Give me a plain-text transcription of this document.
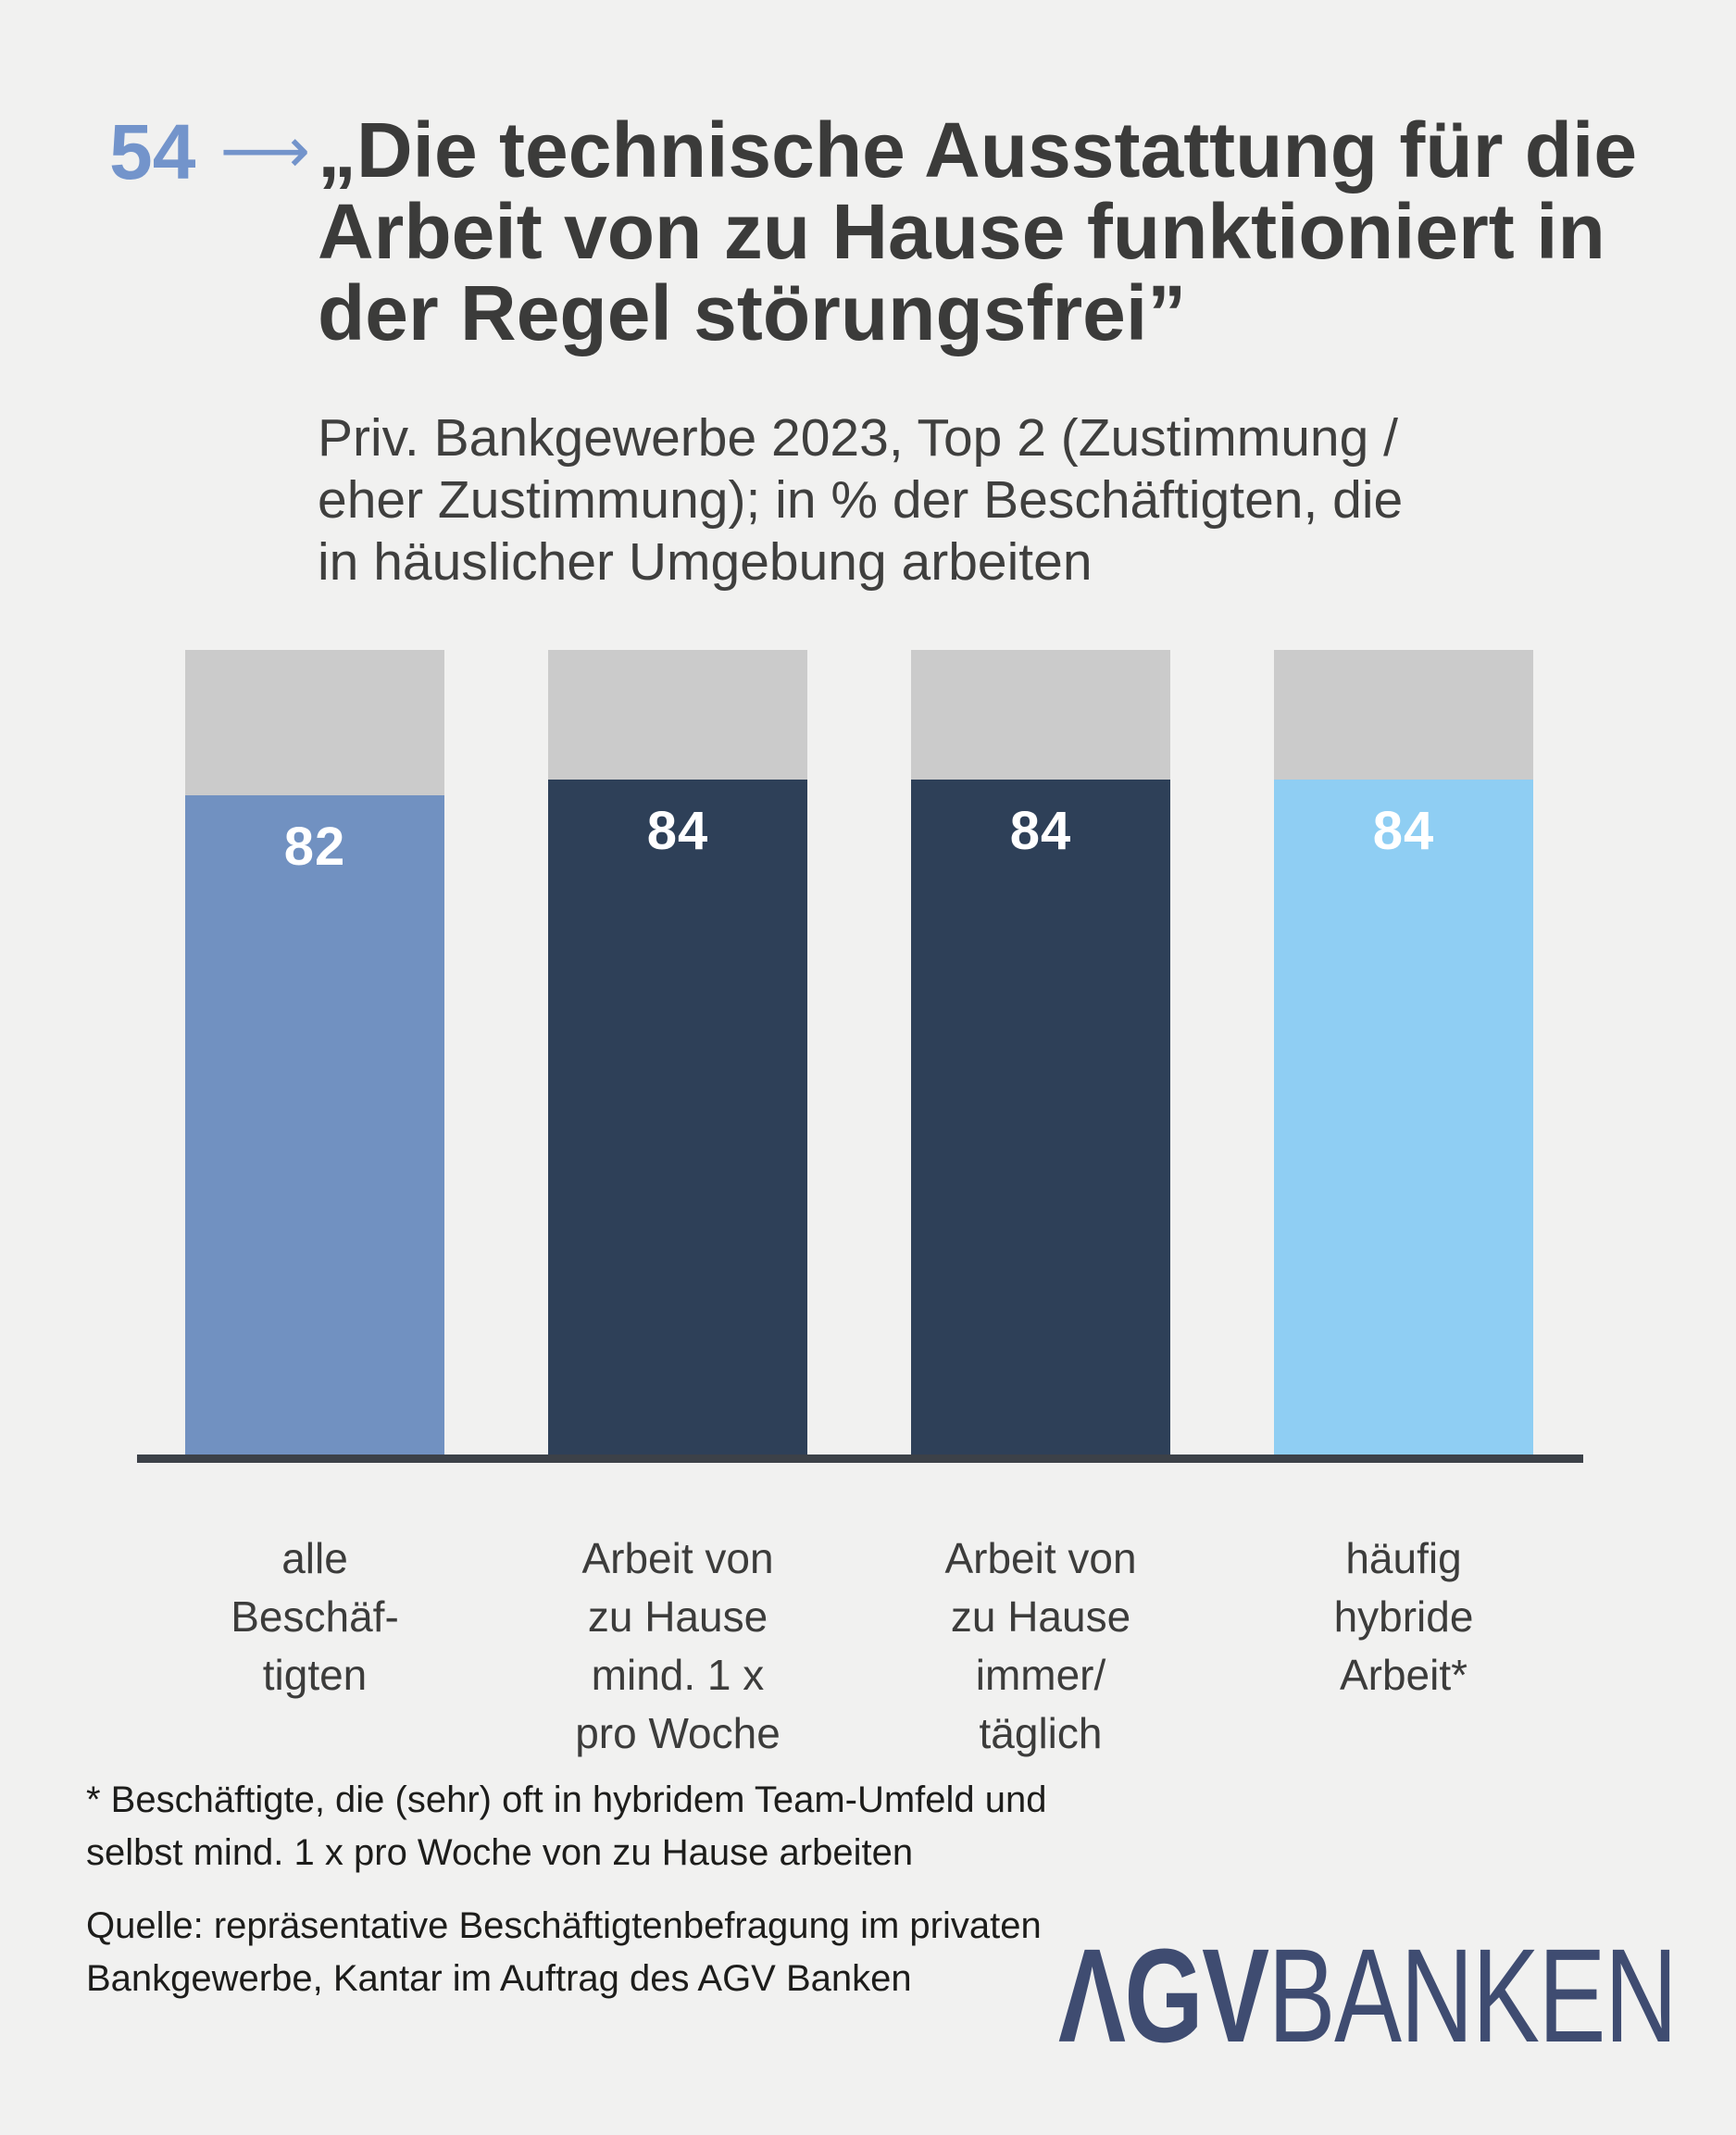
54 ⟶ „Die technische Ausstattung für die
Arbeit von zu Hause funktioniert in
der Regel störungsfrei”
Priv. Bankgewerbe 2023, Top 2 (Zustimmung /
eher Zustimmung); in % der Beschäftigten, die
in häuslicher Umgebung arbeiten
82	84	84	84
alle
Beschäf-
tigten
Arbeit von
zu Hause
mind. 1 x
pro Woche
Arbeit von
zu Hause
immer/
täglich
häufig
hybride
Arbeit*
* Beschäftigte, die (sehr) oft in hybridem Team-Umfeld und
selbst mind. 1 x pro Woche von zu Hause arbeiten
Quelle: repräsentative Beschäftigtenbefragung im privaten
Bankgewerbe, Kantar im Auftrag des AGV Banken	ΛGVBANKEN
